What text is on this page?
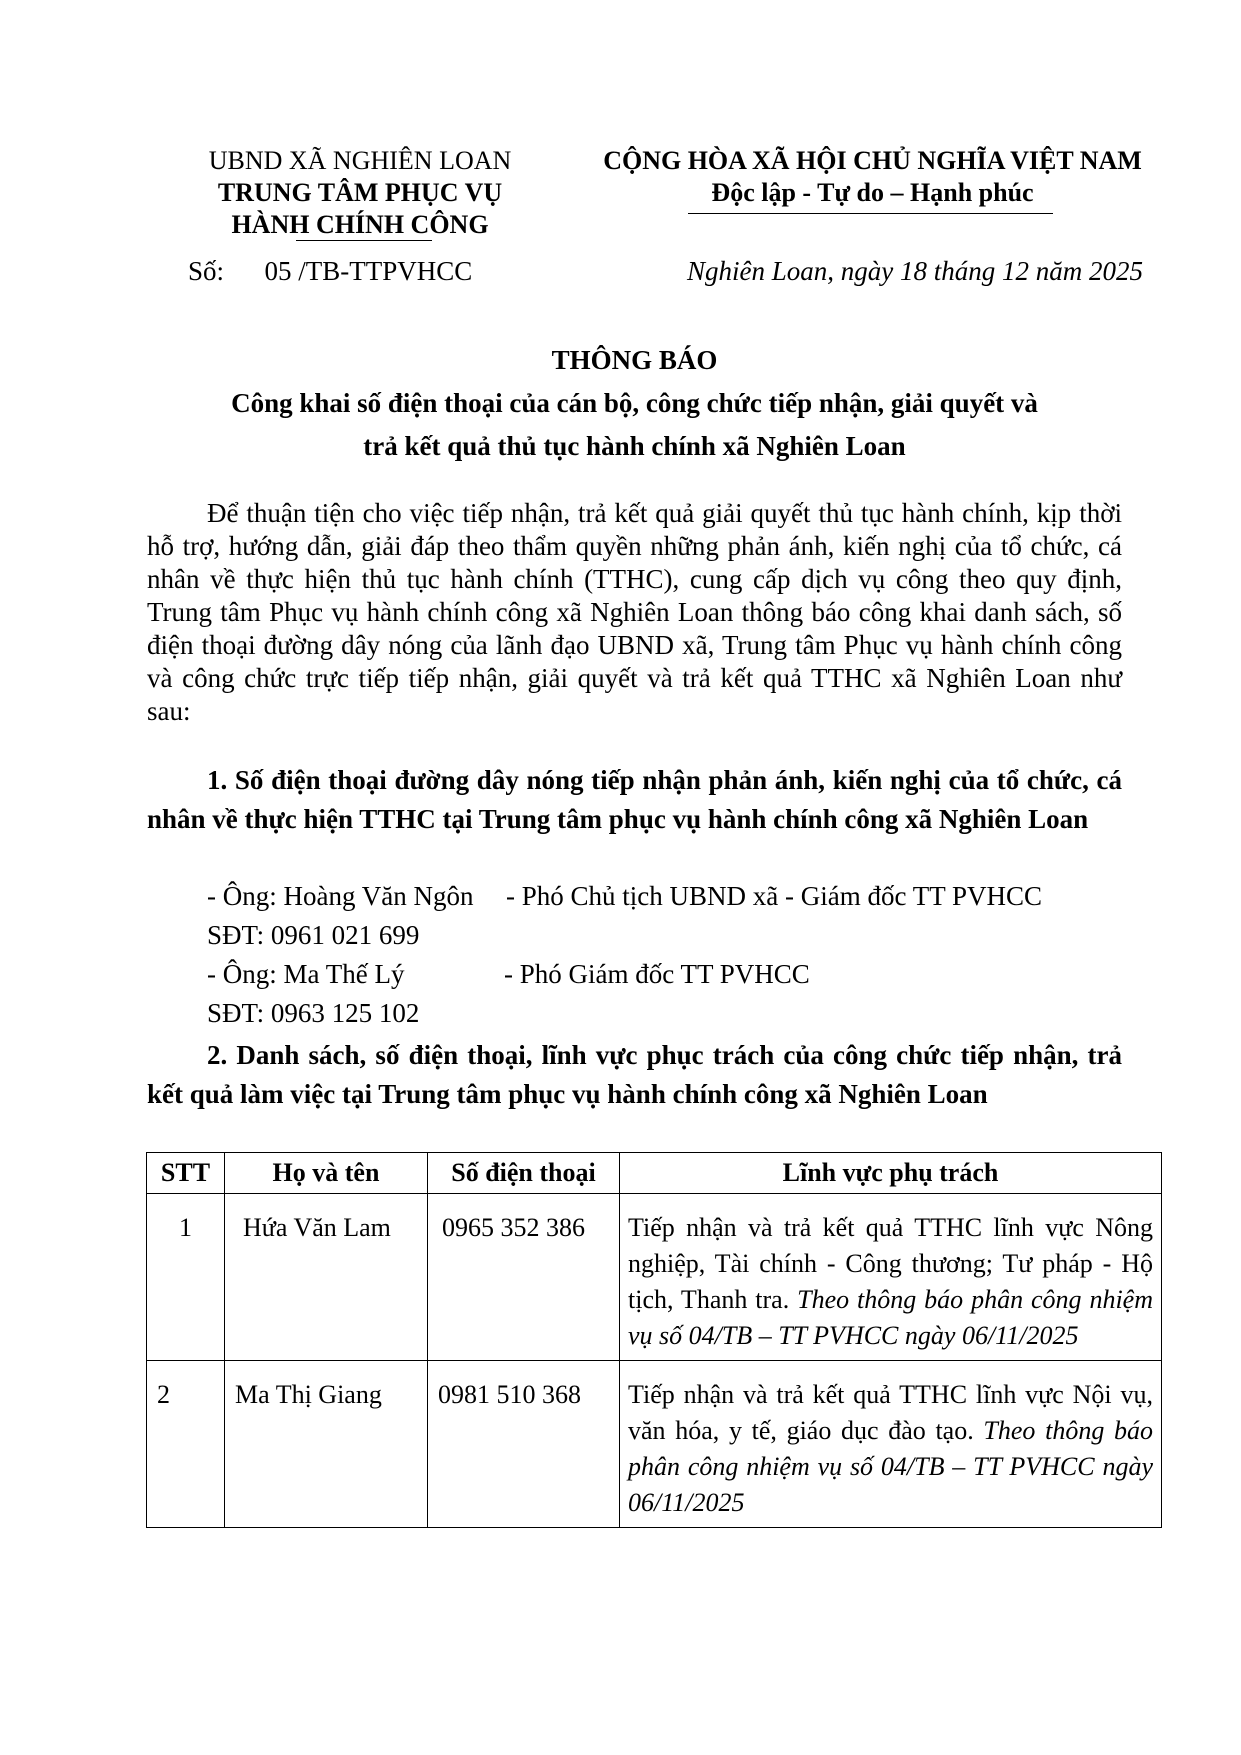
UBND XÃ NGHIÊN LOAN
TRUNG TÂM PHỤC VỤ
HÀNH CHÍNH CÔNG
CỘNG HÒA XÃ HỘI CHỦ NGHĨA VIỆT NAM
Độc lập - Tự do – Hạnh phúc
Số:      05 /TB-TTPVHCC	Nghiên Loan, ngày 18 tháng 12 năm 2025
THÔNG BÁO
Công khai số điện thoại của cán bộ, công chức tiếp nhận, giải quyết và
trả kết quả thủ tục hành chính xã Nghiên Loan
Để thuận tiện cho việc tiếp nhận, trả kết quả giải quyết thủ tục hành chính, kịp thời hỗ trợ, hướng dẫn, giải đáp theo thẩm quyền những phản ánh, kiến nghị của tổ chức, cá nhân về thực hiện thủ tục hành chính (TTHC), cung cấp dịch vụ công theo quy định, Trung tâm Phục vụ hành chính công xã Nghiên Loan thông báo công khai danh sách, số điện thoại đường dây nóng của lãnh đạo UBND xã, Trung tâm Phục vụ hành chính công và công chức trực tiếp tiếp nhận, giải quyết và trả kết quả TTHC xã Nghiên Loan như sau:
1. Số điện thoại đường dây nóng tiếp nhận phản ánh, kiến nghị của tổ chức, cá nhân về thực hiện TTHC tại Trung tâm phục vụ hành chính công xã Nghiên Loan
- Ông: Hoàng Văn Ngôn - Phó Chủ tịch UBND xã - Giám đốc TT PVHCC
SĐT: 0961 021 699
- Ông: Ma Thế Lý	- Phó Giám đốc TT PVHCC
SĐT: 0963 125 102
2. Danh sách, số điện thoại, lĩnh vực phục trách của công chức tiếp nhận, trả kết quả làm việc tại Trung tâm phục vụ hành chính công xã Nghiên Loan
STT	Họ và tên	Số điện thoại	Lĩnh vực phụ trách
1	Hứa Văn Lam	0965 352 386	Tiếp nhận và trả kết quả TTHC lĩnh vực Nông nghiệp, Tài chính - Công thương; Tư pháp - Hộ tịch, Thanh tra. Theo thông báo phân công nhiệm vụ số 04/TB – TT PVHCC ngày 06/11/2025
2	Ma Thị Giang	0981 510 368	Tiếp nhận và trả kết quả TTHC lĩnh vực Nội vụ, văn hóa, y tế, giáo dục đào tạo. Theo thông báo phân công nhiệm vụ số 04/TB – TT PVHCC ngày 06/11/2025
